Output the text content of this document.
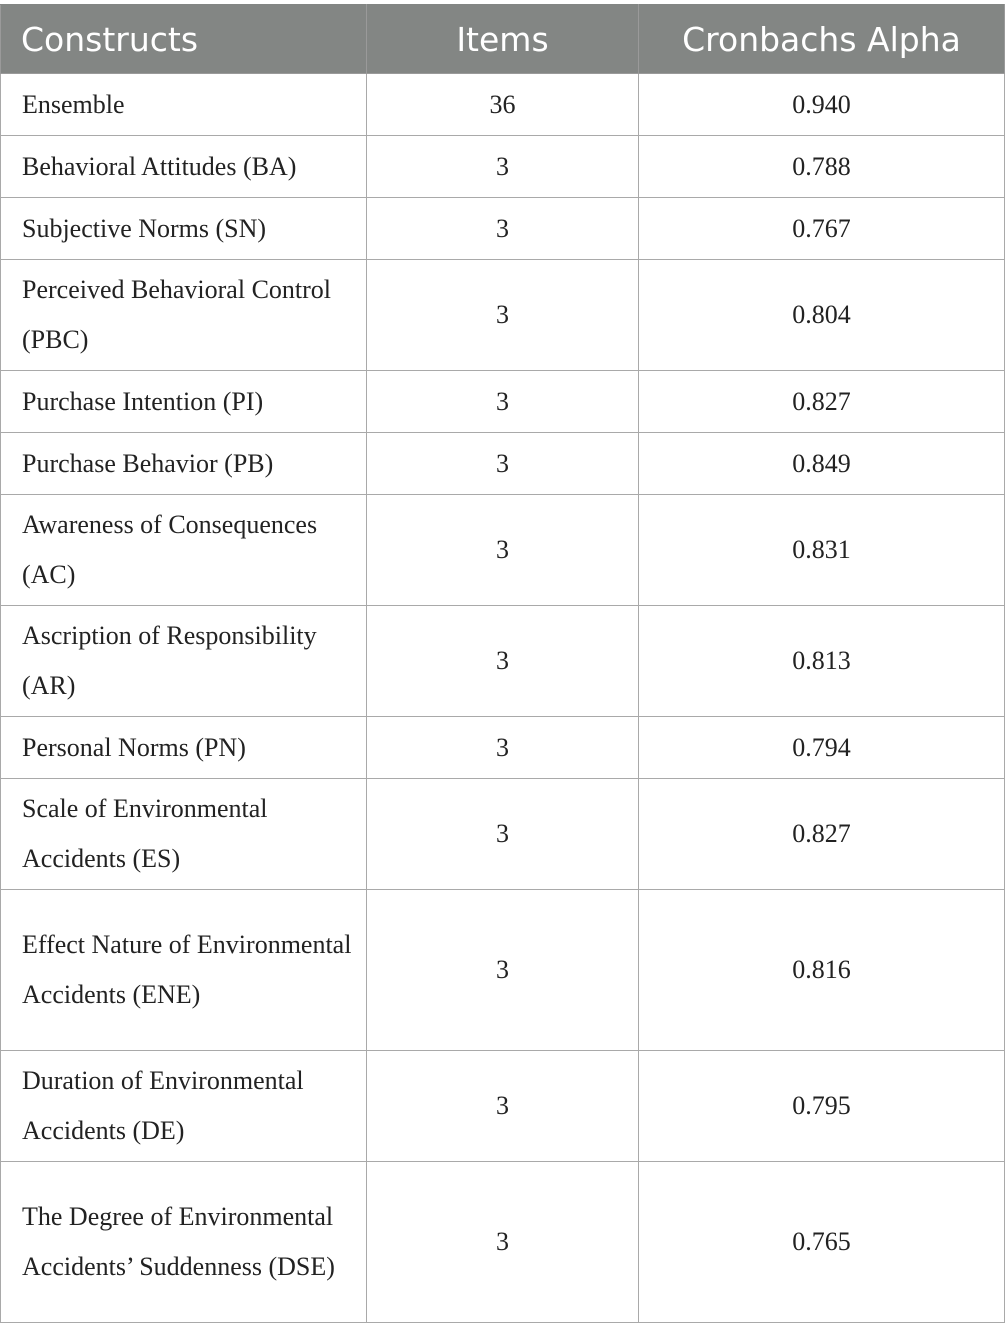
Constructs	Items	Cronbachs Alpha
Ensemble	36	0.940
Behavioral Attitudes (BA)	3	0.788
Subjective Norms (SN)	3	0.767
Perceived Behavioral Control (PBC)	3	0.804
Purchase Intention (PI)	3	0.827
Purchase Behavior (PB)	3	0.849
Awareness of Consequences (AC)	3	0.831
Ascription of Responsibility (AR)	3	0.813
Personal Norms (PN)	3	0.794
Scale of Environmental Accidents (ES)	3	0.827
Effect Nature of Environmental Accidents (ENE)	3	0.816
Duration of Environmental Accidents (DE)	3	0.795
The Degree of Environmental Accidents’ Suddenness (DSE)	3	0.765
